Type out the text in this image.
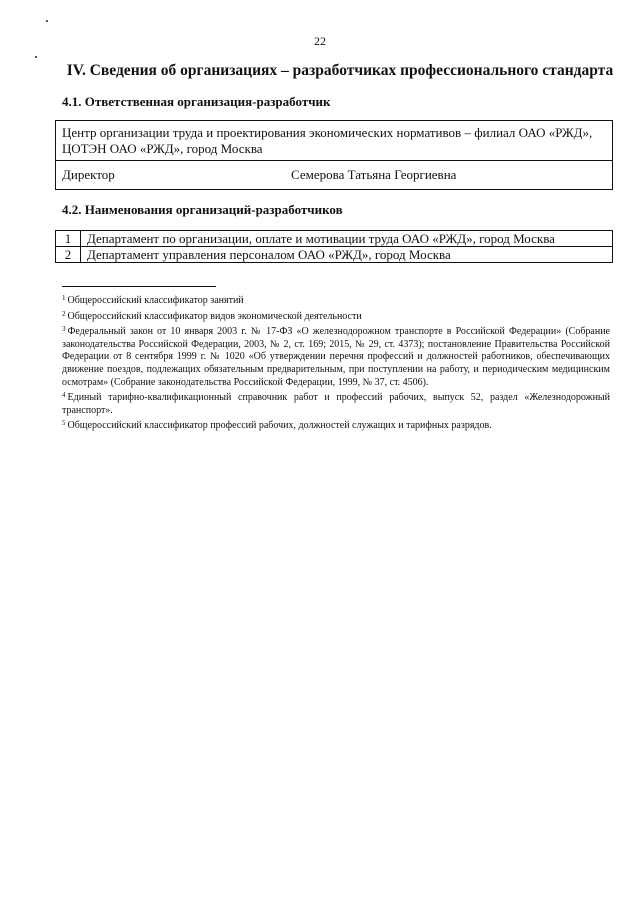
22
IV. Сведения об организациях – разработчиках профессионального стандарта
4.1. Ответственная организация-разработчик
Центр организации труда и проектирования экономических нормативов – филиал ОАО «РЖД»,
ЦОТЭН ОАО «РЖД», город Москва
Директор	Семерова Татьяна Георгиевна
4.2. Наименования организаций-разработчиков
1	Департамент по организации, оплате и мотивации труда ОАО «РЖД», город Москва
2	Департамент управления персоналом ОАО «РЖД», город Москва

$^1$ Общероссийский классификатор занятий

$^2$ Общероссийский классификатор видов экономической деятельности

$^3$ Федеральный закон от 10 января 2003 г. № 17-ФЗ «О железнодорожном транспорте в Российской Федерации» (Собрание законодательства Российской Федерации, 2003, № 2, ст. 169; 2015, № 29, ст. 4373); постановление Правительства Российской Федерации от 8 сентября 1999 г. № 1020 «Об утверждении перечня профессий и должностей работников, обеспечивающих движение поездов, подлежащих обязательным предварительным, при поступлении на работу, и периодическим медицинским осмотрам» (Собрание законодательства Российской Федерации, 1999, № 37, ст. 4506).

$^4$ Единый тарифно-квалификационный справочник работ и профессий рабочих, выпуск 52, раздел «Железнодорожный транспорт».

$^5$ Общероссийский классификатор профессий рабочих, должностей служащих и тарифных разрядов.
